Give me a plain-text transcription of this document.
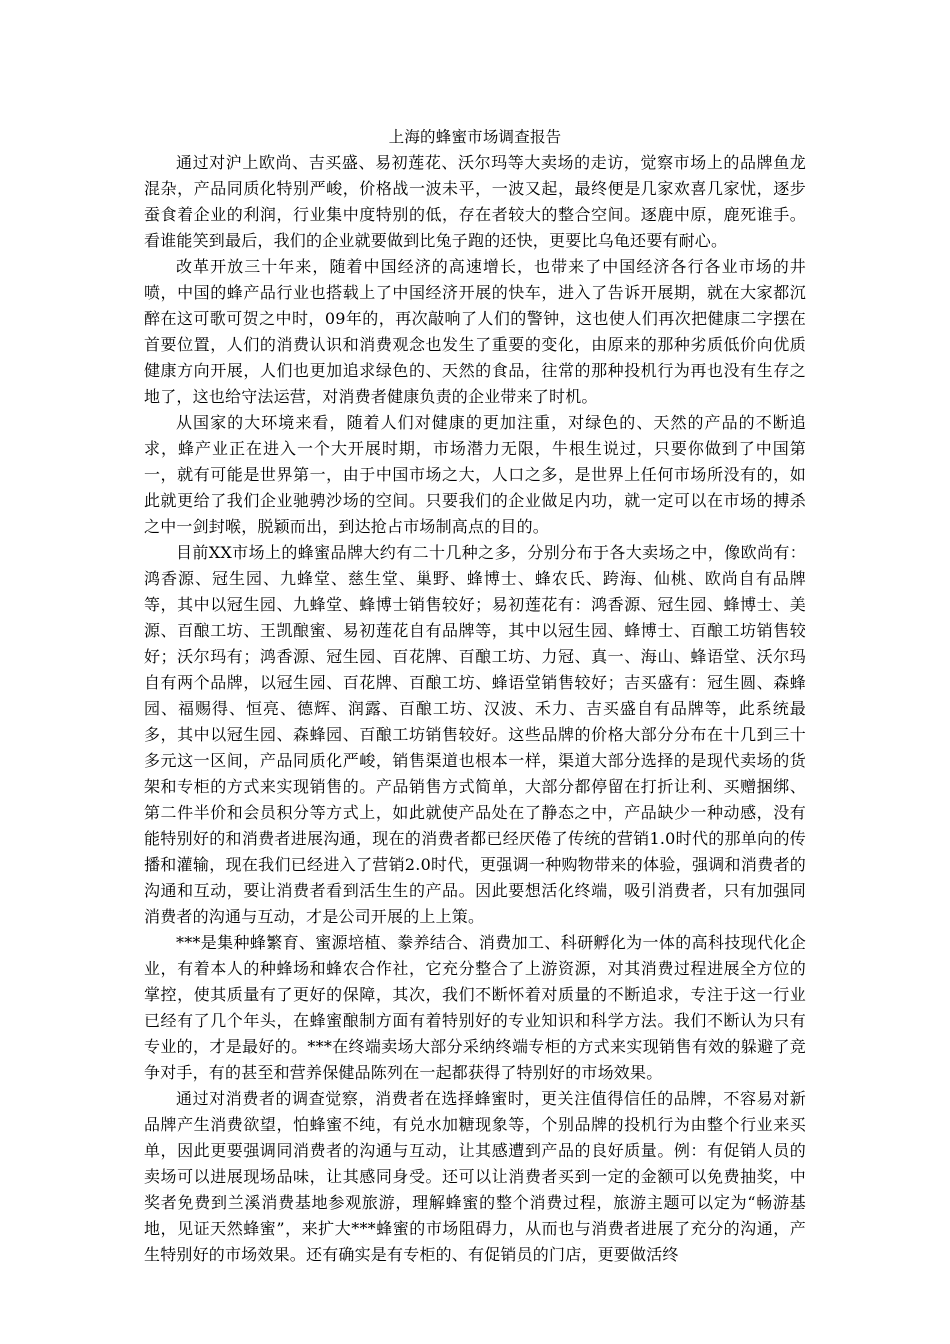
上海的蜂蜜市场调查报告

通过对沪上欧尚、吉买盛、易初莲花、沃尔玛等大卖场的走访，觉察市场上的品牌鱼龙混杂，产品同质化特别严峻，价格战一波未平，一波又起，最终便是几家欢喜几家忧，逐步蚕食着企业的利润，行业集中度特别的低，存在者较大的整合空间。逐鹿中原，鹿死谁手。看谁能笑到最后，我们的企业就要做到比兔子跑的还快，更要比乌龟还要有耐心。

改革开放三十年来，随着中国经济的高速增长，也带来了中国经济各行各业市场的井喷，中国的蜂产品行业也搭载上了中国经济开展的快车，进入了告诉开展期，就在大家都沉醉在这可歌可贺之中时，09年的，再次敲响了人们的警钟，这也使人们再次把健康二字摆在首要位置，人们的消费认识和消费观念也发生了重要的变化，由原来的那种劣质低价向优质健康方向开展，人们也更加追求绿色的、天然的食品，往常的那种投机行为再也没有生存之地了，这也给守法运营，对消费者健康负责的企业带来了时机。

从国家的大环境来看，随着人们对健康的更加注重，对绿色的、天然的产品的不断追求，蜂产业正在进入一个大开展时期，市场潜力无限，牛根生说过，只要你做到了中国第一，就有可能是世界第一，由于中国市场之大，人口之多，是世界上任何市场所没有的，如此就更给了我们企业驰骋沙场的空间。只要我们的企业做足内功，就一定可以在市场的搏杀之中一剑封喉，脱颖而出，到达抢占市场制高点的目的。

目前XX市场上的蜂蜜品牌大约有二十几种之多，分别分布于各大卖场之中，像欧尚有：鸿香源、冠生园、九蜂堂、慈生堂、巢野、蜂博士、蜂农氏、跨海、仙桃、欧尚自有品牌等，其中以冠生园、九蜂堂、蜂博士销售较好；易初莲花有：鸿香源、冠生园、蜂博士、美源、百酿工坊、王凯酿蜜、易初莲花自有品牌等，其中以冠生园、蜂博士、百酿工坊销售较好；沃尔玛有；鸿香源、冠生园、百花牌、百酿工坊、力冠、真一、海山、蜂语堂、沃尔玛自有两个品牌，以冠生园、百花牌、百酿工坊、蜂语堂销售较好；吉买盛有：冠生圆、森蜂园、福赐得、恒亮、德辉、润露、百酿工坊、汉波、禾力、吉买盛自有品牌等，此系统最多，其中以冠生园、森蜂园、百酿工坊销售较好。这些品牌的价格大部分分布在十几到三十多元这一区间，产品同质化严峻，销售渠道也根本一样，渠道大部分选择的是现代卖场的货架和专柜的方式来实现销售的。产品销售方式简单，大部分都停留在打折让利、买赠捆绑、第二件半价和会员积分等方式上，如此就使产品处在了静态之中，产品缺少一种动感，没有能特别好的和消费者进展沟通，现在的消费者都已经厌倦了传统的营销1.0时代的那单向的传播和灌输，现在我们已经进入了营销2.0时代，更强调一种购物带来的体验，强调和消费者的沟通和互动，要让消费者看到活生生的产品。因此要想活化终端，吸引消费者，只有加强同消费者的沟通与互动，才是公司开展的上上策。

***是集种蜂繁育、蜜源培植、豢养结合、消费加工、科研孵化为一体的高科技现代化企业，有着本人的种蜂场和蜂农合作社，它充分整合了上游资源，对其消费过程进展全方位的掌控，使其质量有了更好的保障，其次，我们不断怀着对质量的不断追求，专注于这一行业已经有了几个年头，在蜂蜜酿制方面有着特别好的专业知识和科学方法。我们不断认为只有专业的，才是最好的。***在终端卖场大部分采纳终端专柜的方式来实现销售有效的躲避了竞争对手，有的甚至和营养保健品陈列在一起都获得了特别好的市场效果。

通过对消费者的调查觉察，消费者在选择蜂蜜时，更关注值得信任的品牌，不容易对新品牌产生消费欲望，怕蜂蜜不纯，有兑水加糖现象等，个别品牌的投机行为由整个行业来买单，因此更要强调同消费者的沟通与互动，让其感遭到产品的良好质量。例：有促销人员的卖场可以进展现场品味，让其感同身受。还可以让消费者买到一定的金额可以免费抽奖，中奖者免费到兰溪消费基地参观旅游，理解蜂蜜的整个消费过程，旅游主题可以定为“畅游基地，见证天然蜂蜜”，来扩大***蜂蜜的市场阻碍力，从而也与消费者进展了充分的沟通，产生特别好的市场效果。还有确实是有专柜的、有促销员的门店，更要做活终
